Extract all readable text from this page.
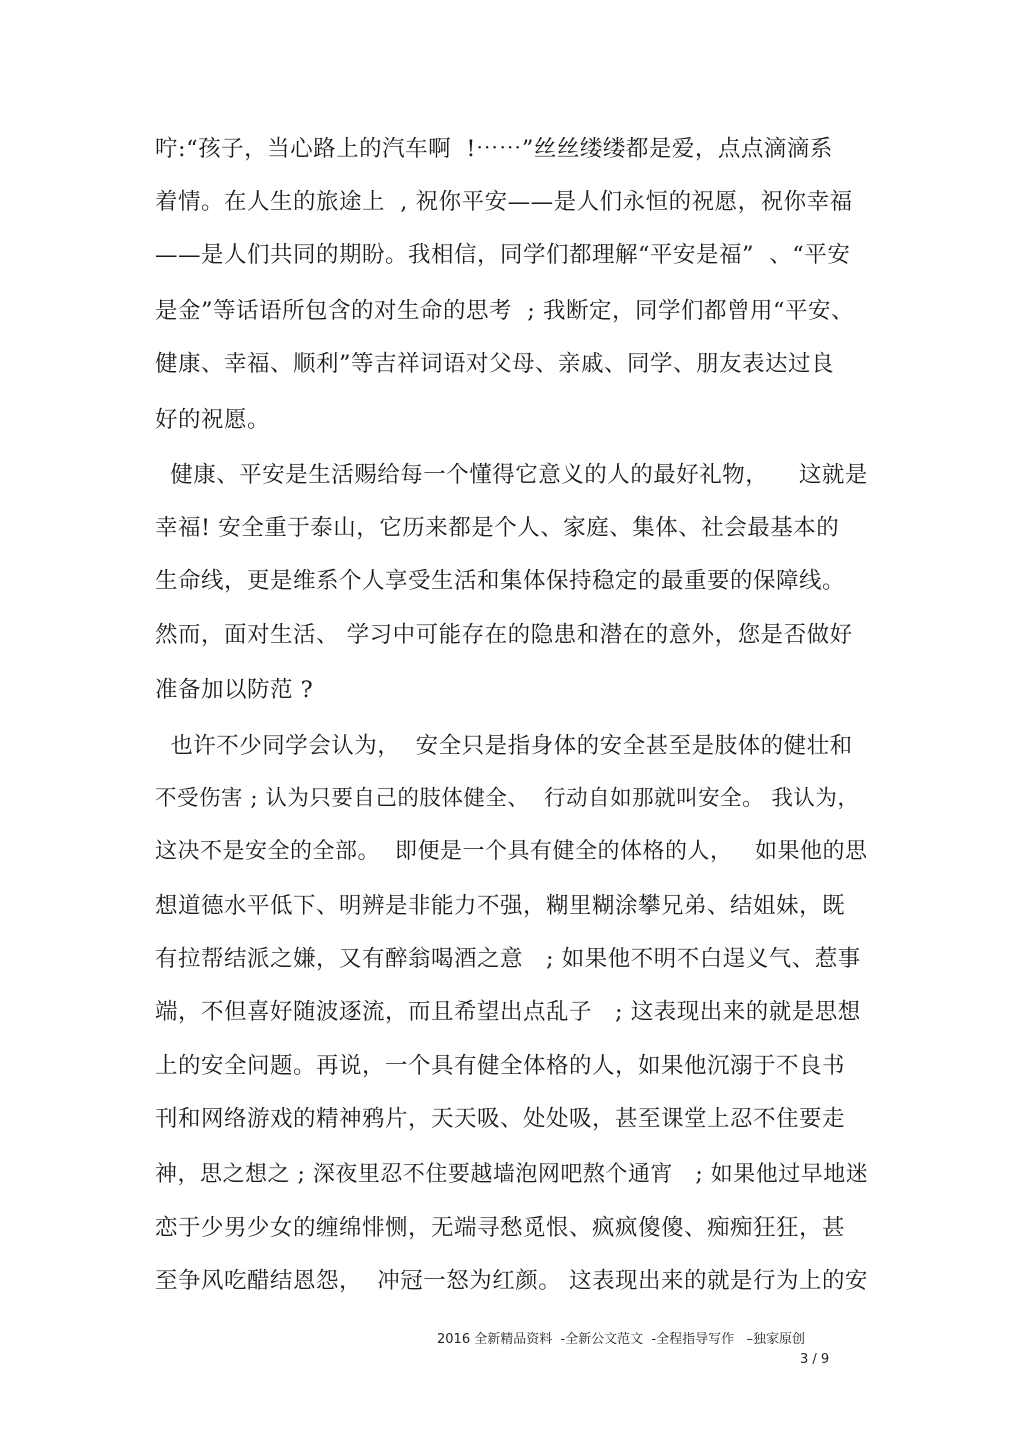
咛:“孩子，当心路上的汽车啊  !⋯⋯”丝丝缕缕都是爱，点点滴滴系
着情。在人生的旅途上  , 祝你平安——是人们永恒的祝愿，祝你幸福
——是人们共同的期盼。我相信，同学们都理解“平安是福”  、“平安
是金”等话语所包含的对生命的思考  ; 我断定，同学们都曾用“平安、
健康、幸福、顺利”等吉祥词语对父母、亲戚、同学、朋友表达过良
好的祝愿。
健康、平安是生活赐给每一个懂得它意义的人的最好礼物，    这就是
幸福! 安全重于泰山，它历来都是个人、家庭、集体、社会最基本的
生命线，更是维系个人享受生活和集体保持稳定的最重要的保障线。
然而，面对生活、 学习中可能存在的隐患和潜在的意外，您是否做好
准备加以防范 ?
也许不少同学会认为，  安全只是指身体的安全甚至是肢体的健壮和
不受伤害 ; 认为只要自己的肢体健全、  行动自如那就叫安全。 我认为，
这决不是安全的全部。  即便是一个具有健全的体格的人，   如果他的思
想道德水平低下、明辨是非能力不强，糊里糊涂攀兄弟、结姐妹，既
有拉帮结派之嫌，又有醉翁喝酒之意   ; 如果他不明不白逞义气、惹事
端，不但喜好随波逐流，而且希望出点乱子   ; 这表现出来的就是思想
上的安全问题。再说，一个具有健全体格的人，如果他沉溺于不良书
刊和网络游戏的精神鸦片，天天吸、处处吸，甚至课堂上忍不住要走
神，思之想之 ; 深夜里忍不住要越墙泡网吧熬个通宵   ; 如果他过早地迷
恋于少男少女的缠绵悱恻，无端寻愁觅恨、疯疯傻傻、痴痴狂狂，甚
至争风吃醋结恩怨，  冲冠一怒为红颜。 这表现出来的就是行为上的安
2016 全新精品资料  -全新公文范文  -全程指导写作   –独家原创
3 / 9
